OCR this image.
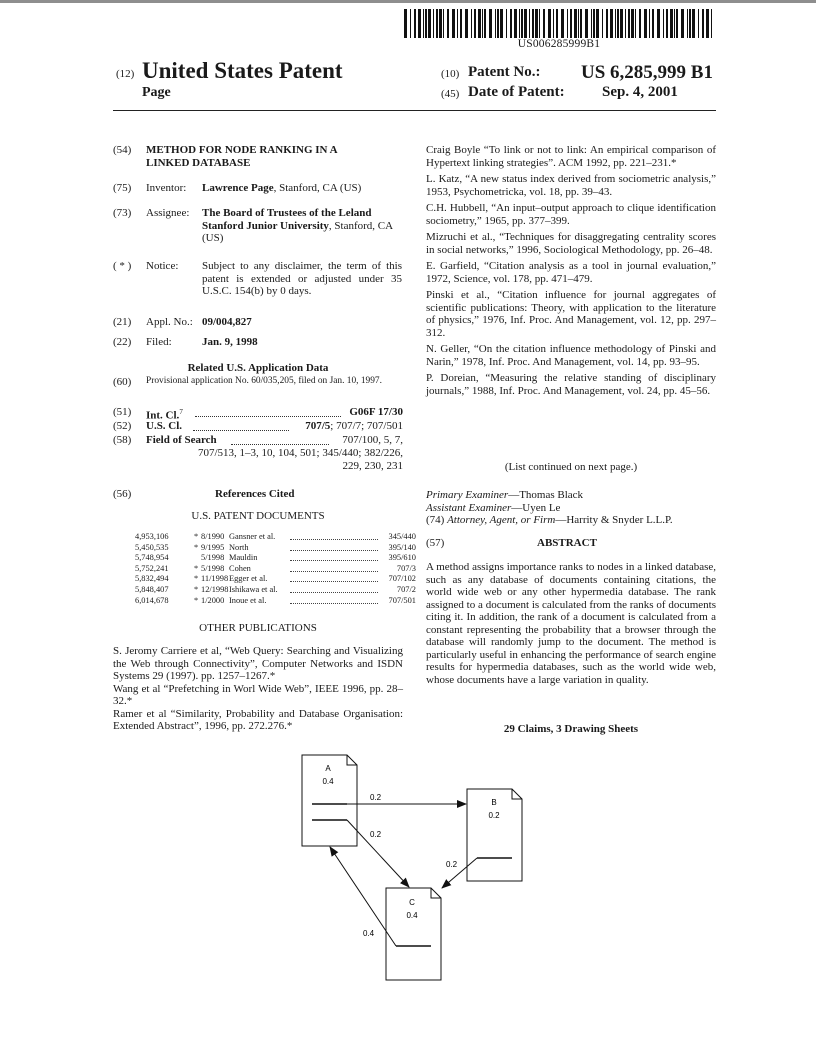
US006285999B1
(12) United States Patent
Page
(10) Patent No.: US 6,285,999 B1
(45) Date of Patent: Sep. 4, 2001
(54) METHOD FOR NODE RANKING IN A LINKED DATABASE
(75) Inventor: Lawrence Page, Stanford, CA (US)
(73) Assignee: The Board of Trustees of the Leland Stanford Junior University, Stanford, CA (US)
( * ) Notice: Subject to any disclaimer, the term of this patent is extended or adjusted under 35 U.S.C. 154(b) by 0 days.
(21) Appl. No.: 09/004,827
(22) Filed:	Jan. 9, 1998
Related U.S. Application Data
(60) Provisional application No. 60/035,205, filed on Jan. 10, 1997.
(51) Int. Cl.$^7$	G06F 17/30
(52) U.S. Cl.	707/5; 707/7; 707/501
(58) Field of Search	707/100, 5, 7,
707/513, 1–3, 10, 104, 501; 345/440; 382/226,
229, 230, 231
(56)	References Cited
U.S. PATENT DOCUMENTS
4,953,106	* 8/1990 Gansner et al.	345/440
5,450,535	* 9/1995 North	395/140
5,748,954	5/1998 Mauldin	395/610
5,752,241	* 5/1998 Cohen	707/3
5,832,494	* 11/1998 Egger et al.	707/102
5,848,407	* 12/1998 Ishikawa et al.	707/2
6,014,678	* 1/2000 Inoue et al.	707/501
OTHER PUBLICATIONS
S. Jeromy Carriere et al, “Web Query: Searching and Visualizing the Web through Connectivity”, Computer Networks and ISDN Systems 29 (1997). pp. 1257–1267.*
Wang et al “Prefetching in Worl Wide Web”, IEEE 1996, pp. 28–32.*
Ramer et al “Similarity, Probability and Database Organisation: Extended Abstract”, 1996, pp. 272.276.*
Craig Boyle “To link or not to link: An empirical comparison of Hypertext linking strategies”. ACM 1992, pp. 221–231.*
L. Katz, “A new status index derived from sociometric analysis,” 1953, Psychometricka, vol. 18, pp. 39–43.
C.H. Hubbell, “An input–output approach to clique identification sociometry,” 1965, pp. 377–399.
Mizruchi et al., “Techniques for disaggregating centrality scores in social networks,” 1996, Sociological Methodology, pp. 26–48.
E. Garfield, “Citation analysis as a tool in journal evaluation,” 1972, Science, vol. 178, pp. 471–479.
Pinski et al., “Citation influence for journal aggregates of scientific publications: Theory, with application to the literature of physics,” 1976, Inf. Proc. And Management, vol. 12, pp. 297–312.
N. Geller, “On the citation influence methodology of Pinski and Narin,” 1978, Inf. Proc. And Management, vol. 14, pp. 93–95.
P. Doreian, “Measuring the relative standing of disciplinary journals,” 1988, Inf. Proc. And Management, vol. 24, pp. 45–56.
(List continued on next page.)
Primary Examiner—Thomas Black
Assistant Examiner—Uyen Le
(74) Attorney, Agent, or Firm—Harrity & Snyder L.L.P.
(57)	ABSTRACT
A method assigns importance ranks to nodes in a linked database, such as any database of documents containing citations, the world wide web or any other hypermedia database. The rank assigned to a document is calculated from the ranks of documents citing it. In addition, the rank of a document is calculated from a constant representing the probability that a browser through the database will randomly jump to the document. The method is particularly useful in enhancing the performance of search engine results for hypermedia databases, such as the world wide web, whose documents have a large variation in quality.
29 Claims, 3 Drawing Sheets
A
0.4
B
0.2
C
0.4
0.2
0.2
0.2
0.4
